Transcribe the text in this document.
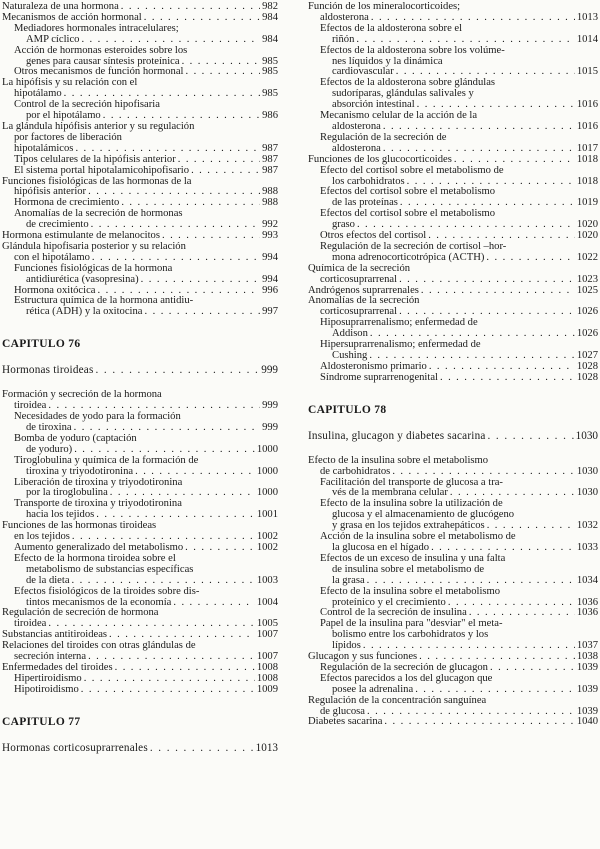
Naturaleza de una hormona . . .	982
Mecanismos de acción hormonal . . .	984
Mediadores hormonales intracelulares;
AMP cíclico . . .	984
Acción de hormonas esteroides sobre los
genes para causar síntesis proteínica . . .	985
Otros mecanismos de función hormonal . . .	985
La hipófisis y su relación con el
hipotálamo . . .	985
Control de la secreción hipofisaria
por el hipotálamo . . .	986
La glándula hipófisis anterior y su regulación
por factores de liberación
hipotalámicos . . .	987
Tipos celulares de la hipófisis anterior . . .	987
El sistema portal hipotalamicohipofisario . . .	987
Funciones fisiológicas de las hormonas de la
hipófisis anterior . . .	988
Hormona de crecimiento . . .	988
Anomalías de la secreción de hormonas
de crecimiento . . .	992
Hormona estimulante de melanocitos . . .	993
Glándula hipofisaria posterior y su relación
con el hipotálamo . . .	994
Funciones fisiológicas de la hormona
antidiurética (vasopresina) . . .	994
Hormona oxitócica . . .	996
Estructura química de la hormona antidiu-
rética (ADH) y la oxitocina . . .	997
CAPITULO 76
Hormonas tiroideas . . .	999
Formación y secreción de la hormona
tiroidea . . .	999
Necesidades de yodo para la formación
de tiroxina . . .	999
Bomba de yoduro (captación
de yoduro) . . .	1000
Tiroglobulina y química de la formación de
tiroxina y triyodotironina . . .	1000
Liberación de tiroxina y triyodotironina
por la tiroglobulina . . .	1000
Transporte de tiroxina y triyodotironina
hacia los tejidos . . .	1001
Funciones de las hormonas tiroideas
en los tejidos . . .	1002
Aumento generalizado del metabolismo . . .	1002
Efecto de la hormona tiroidea sobre el
metabolismo de substancias específicas
de la dieta . . .	1003
Efectos fisiológicos de la tiroides sobre dis-
tintos mecanismos de la economía . . .	1004
Regulación de secreción de hormona
tiroidea . . .	1005
Substancias antitiroideas . . .	1007
Relaciones del tiroides con otras glándulas de
secreción interna . . .	1007
Enfermedades del tiroides . . .	1008
Hipertiroidismo . . .	1008
Hipotiroidismo . . .	1009
CAPITULO 77
Hormonas corticosuprarrenales . . .	1013
Función de los mineralocorticoides;
aldosterona . . .	1013
Efectos de la aldosterona sobre el
riñón . . .	1014
Efectos de la aldosterona sobre los volúme-
nes líquidos y la dinámica
cardiovascular . . .	1015
Efectos de la aldosterona sobre glándulas
sudoríparas, glándulas salivales y
absorción intestinal . . .	1016
Mecanismo celular de la acción de la
aldosterona . . .	1016
Regulación de la secreción de
aldosterona . . .	1017
Funciones de los glucocorticoides . . .	1018
Efecto del cortisol sobre el metabolismo de
los carbohidratos . . .	1018
Efectos del cortisol sobre el metabolismo
de las proteínas . . .	1019
Efectos del cortisol sobre el metabolismo
graso . . .	1020
Otros efectos del cortisol . . .	1020
Regulación de la secreción de cortisol –hor-
mona adrenocorticotrópica (ACTH) . . .	1022
Química de la secreción
corticosuprarrenal . . .	1023
Andrógenos suprarrenales . . .	1025
Anomalías de la secreción
corticosuprarrenal . . .	1026
Hiposuprarrenalismo; enfermedad de
Addison . . .	1026
Hipersuprarrenalismo; enfermedad de
Cushing . . .	1027
Aldosteronismo primario . . .	1028
Síndrome suprarrenogenital . . .	1028
CAPITULO 78
Insulina, glucagon y diabetes sacarina . . .	1030
Efecto de la insulina sobre el metabolismo
de carbohidratos . . .	1030
Facilitación del transporte de glucosa a tra-
vés de la membrana celular . . .	1030
Efecto de la insulina sobre la utilización de
glucosa y el almacenamiento de glucógeno
y grasa en los tejidos extrahepáticos . . .	1032
Acción de la insulina sobre el metabolismo de
la glucosa en el hígado . . .	1033
Efectos de un exceso de insulina y una falta
de insulina sobre el metabolismo de
la grasa . . .	1034
Efecto de la insulina sobre el metabolismo
proteínico y el crecimiento . . .	1036
Control de la secreción de insulina . . .	1036
Papel de la insulina para "desviar" el meta-
bolismo entre los carbohidratos y los
lípidos . . .	1037
Glucagon y sus funciones . . .	1038
Regulación de la secreción de glucagon . . .	1039
Efectos parecidos a los del glucagon que
posee la adrenalina . . .	1039
Regulación de la concentración sanguínea
de glucosa . . .	1039
Diabetes sacarina . . .	1040
